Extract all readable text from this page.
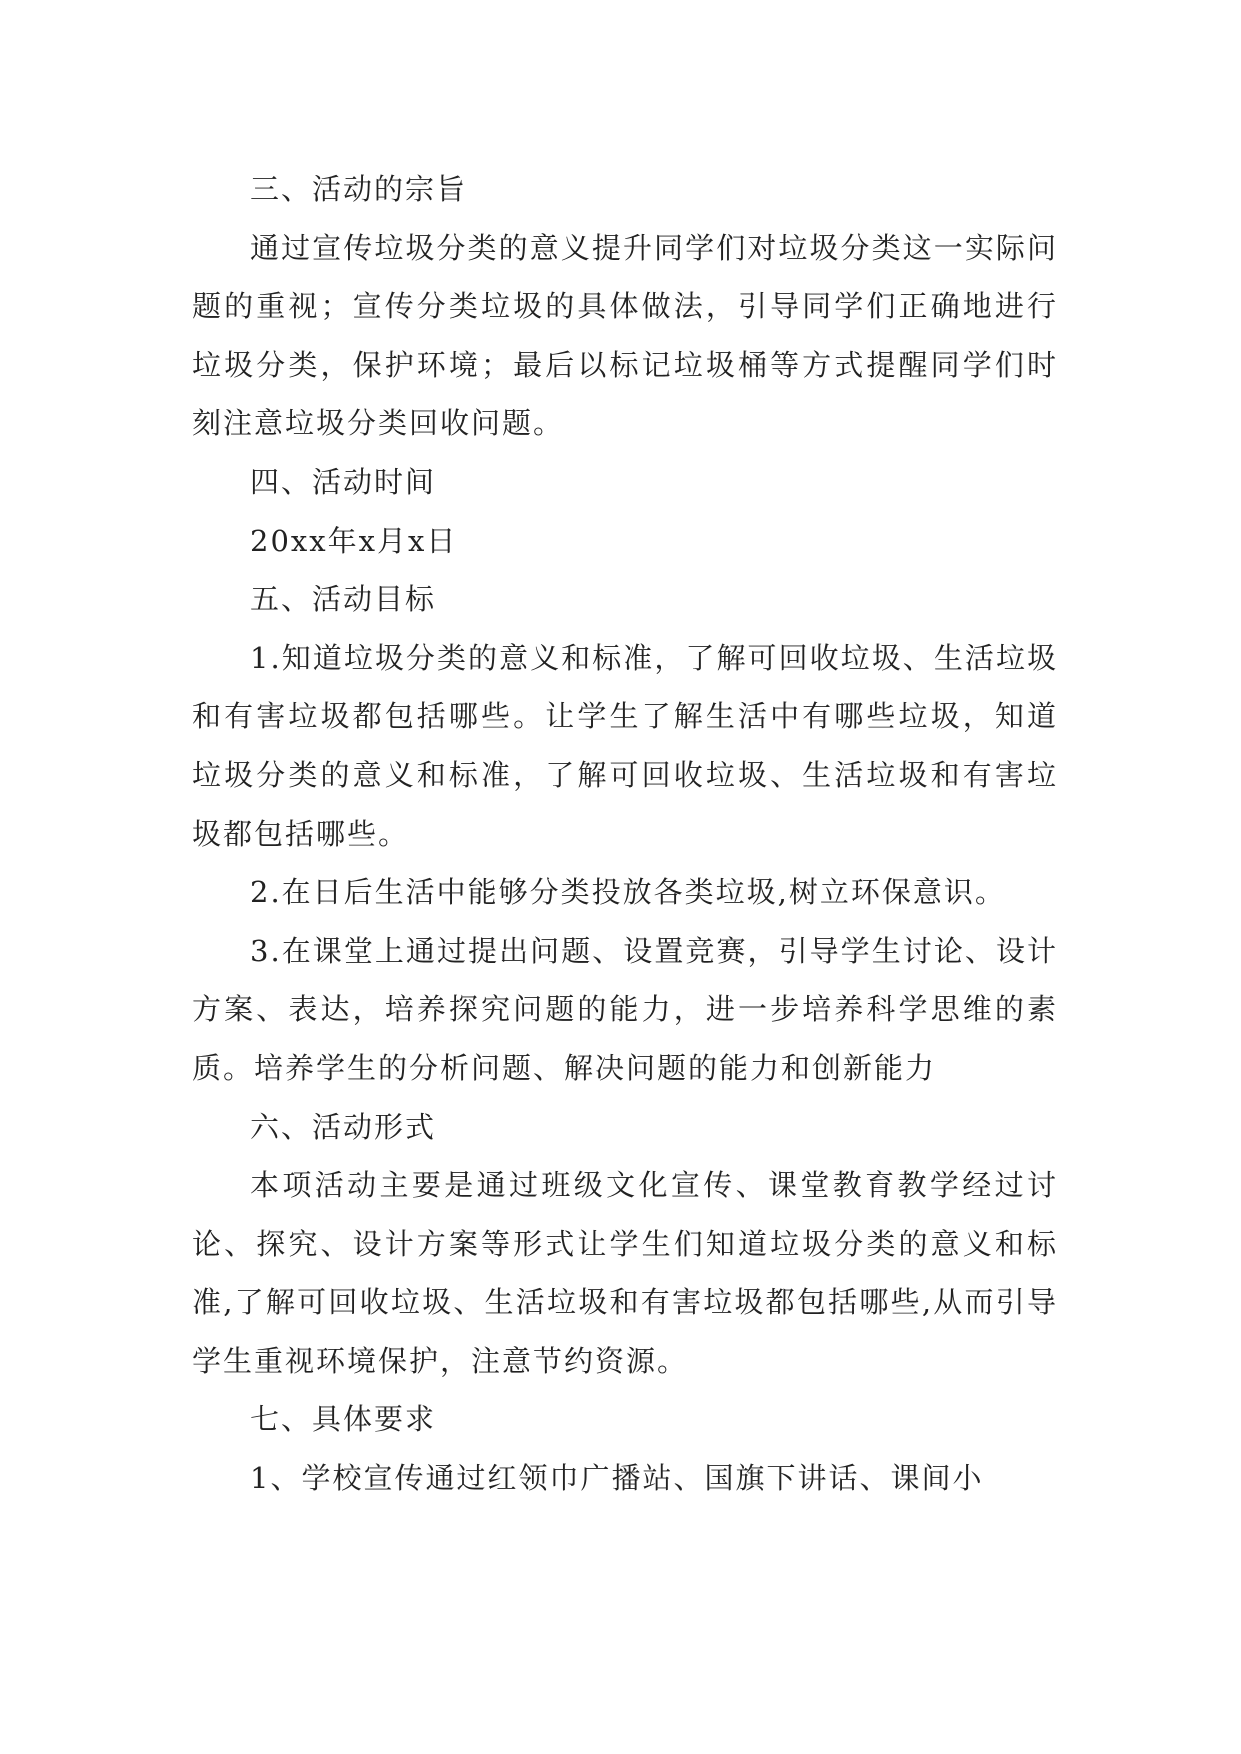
三、活动的宗旨

通过宣传垃圾分类的意义提升同学们对垃圾分类这一实际问题的重视；宣传分类垃圾的具体做法，引导同学们正确地进行垃圾分类，保护环境；最后以标记垃圾桶等方式提醒同学们时刻注意垃圾分类回收问题。

四、活动时间

20xx年x月x日

五、活动目标

1.知道垃圾分类的意义和标准，了解可回收垃圾、生活垃圾和有害垃圾都包括哪些。让学生了解生活中有哪些垃圾，知道垃圾分类的意义和标准，了解可回收垃圾、生活垃圾和有害垃圾都包括哪些。

2.在日后生活中能够分类投放各类垃圾,树立环保意识。

3.在课堂上通过提出问题、设置竞赛，引导学生讨论、设计方案、表达，培养探究问题的能力，进一步培养科学思维的素质。培养学生的分析问题、解决问题的能力和创新能力

六、活动形式

本项活动主要是通过班级文化宣传、课堂教育教学经过讨论、探究、设计方案等形式让学生们知道垃圾分类的意义和标准,了解可回收垃圾、生活垃圾和有害垃圾都包括哪些,从而引导学生重视环境保护，注意节约资源。

七、具体要求

1、学校宣传通过红领巾广播站、国旗下讲话、课间小
